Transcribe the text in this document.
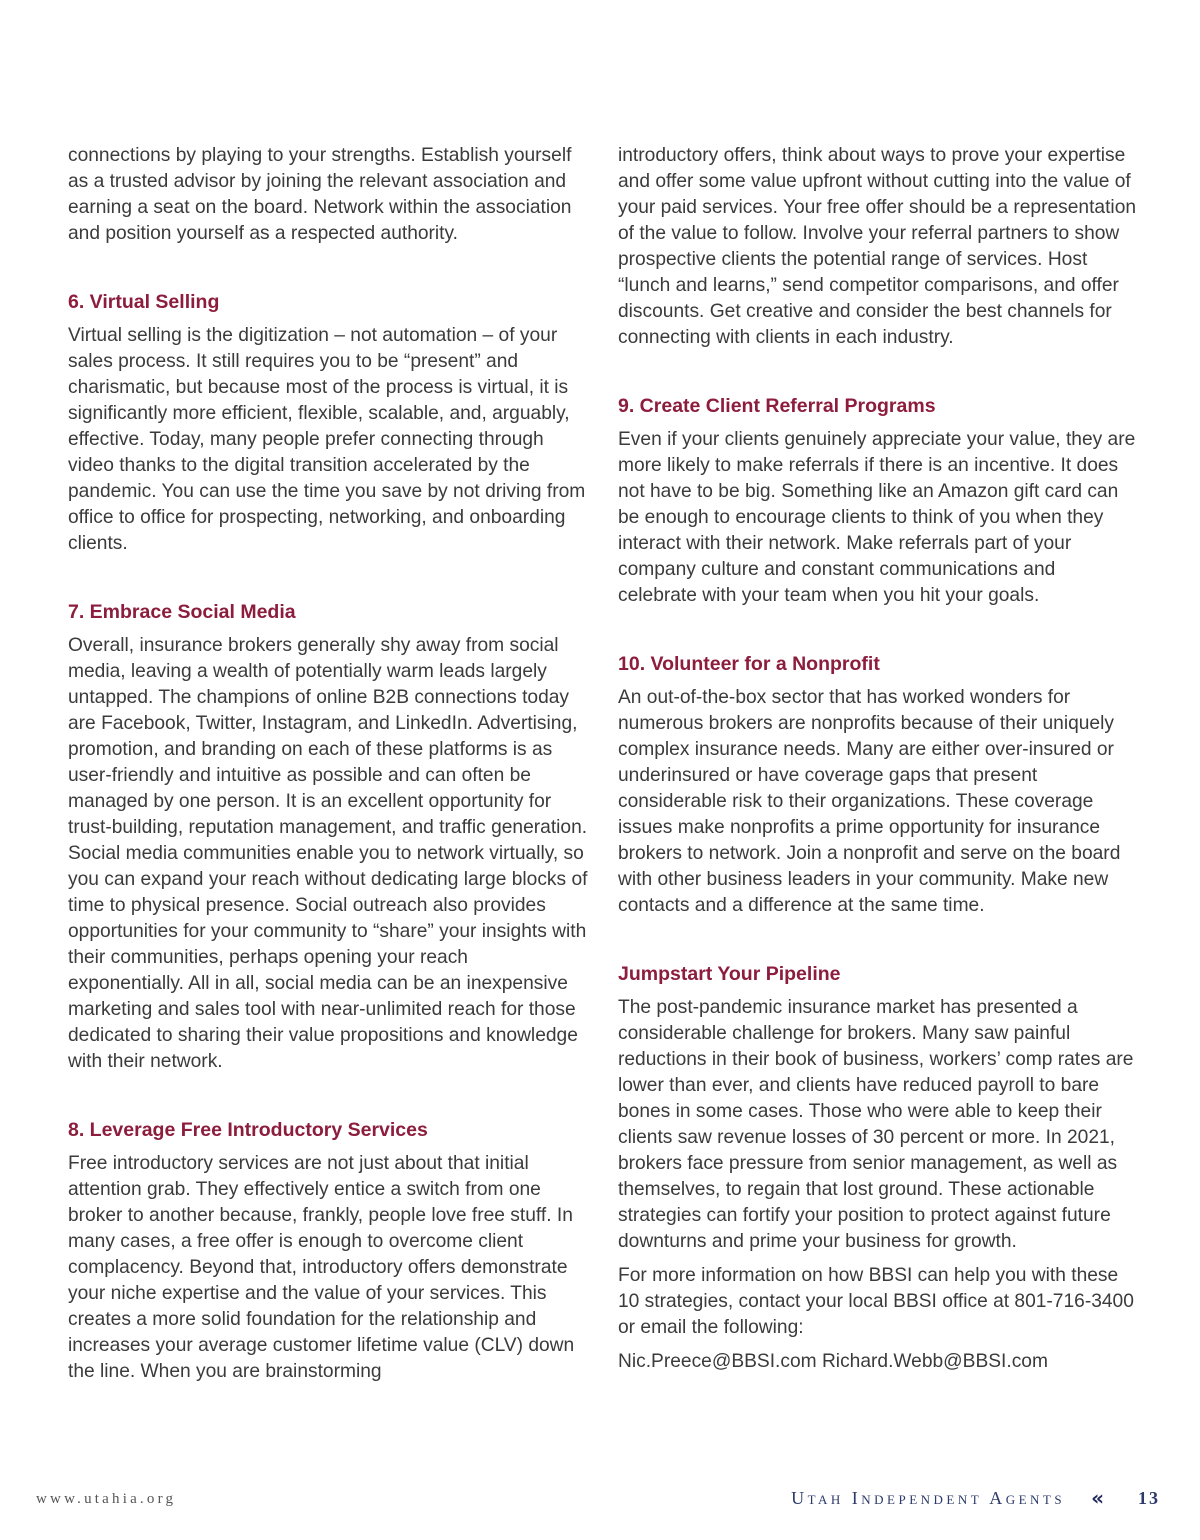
connections by playing to your strengths. Establish yourself as a trusted advisor by joining the relevant association and earning a seat on the board. Network within the association and position yourself as a respected authority.

6. Virtual Selling

Virtual selling is the digitization – not automation – of your sales process. It still requires you to be “present” and charismatic, but because most of the process is virtual, it is significantly more efficient, flexible, scalable, and, arguably, effective. Today, many people prefer connecting through video thanks to the digital transition accelerated by the pandemic. You can use the time you save by not driving from office to office for prospecting, networking, and onboarding clients.

7. Embrace Social Media

Overall, insurance brokers generally shy away from social media, leaving a wealth of potentially warm leads largely untapped. The champions of online B2B connections today are Facebook, Twitter, Instagram, and LinkedIn. Advertising, promotion, and branding on each of these platforms is as user-friendly and intuitive as possible and can often be managed by one person. It is an excellent opportunity for trust-building, reputation management, and traffic generation. Social media communities enable you to network virtually, so you can expand your reach without dedicating large blocks of time to physical presence. Social outreach also provides opportunities for your community to “share” your insights with their communities, perhaps opening your reach exponentially. All in all, social media can be an inexpensive marketing and sales tool with near-unlimited reach for those dedicated to sharing their value propositions and knowledge with their network.

8. Leverage Free Introductory Services

Free introductory services are not just about that initial attention grab. They effectively entice a switch from one broker to another because, frankly, people love free stuff. In many cases, a free offer is enough to overcome client complacency. Beyond that, introductory offers demonstrate your niche expertise and the value of your services. This creates a more solid foundation for the relationship and increases your average customer lifetime value (CLV) down the line. When you are brainstorming

introductory offers, think about ways to prove your expertise and offer some value upfront without cutting into the value of your paid services. Your free offer should be a representation of the value to follow. Involve your referral partners to show prospective clients the potential range of services. Host “lunch and learns,” send competitor comparisons, and offer discounts. Get creative and consider the best channels for connecting with clients in each industry.

9. Create Client Referral Programs

Even if your clients genuinely appreciate your value, they are more likely to make referrals if there is an incentive. It does not have to be big. Something like an Amazon gift card can be enough to encourage clients to think of you when they interact with their network. Make referrals part of your company culture and constant communications and celebrate with your team when you hit your goals.

10. Volunteer for a Nonprofit

An out-of-the-box sector that has worked wonders for numerous brokers are nonprofits because of their uniquely complex insurance needs. Many are either over-insured or underinsured or have coverage gaps that present considerable risk to their organizations. These coverage issues make nonprofits a prime opportunity for insurance brokers to network. Join a nonprofit and serve on the board with other business leaders in your community. Make new contacts and a difference at the same time.

Jumpstart Your Pipeline

The post-pandemic insurance market has presented a considerable challenge for brokers. Many saw painful reductions in their book of business, workers’ comp rates are lower than ever, and clients have reduced payroll to bare bones in some cases. Those who were able to keep their clients saw revenue losses of 30 percent or more. In 2021, brokers face pressure from senior management, as well as themselves, to regain that lost ground. These actionable strategies can fortify your position to protect against future downturns and prime your business for growth.

For more information on how BBSI can help you with these 10 strategies, contact your local BBSI office at 801-716-3400 or email the following:

Nic.Preece@BBSI.com Richard.Webb@BBSI.com

www.utahia.org	Utah Independent Agents « 13
